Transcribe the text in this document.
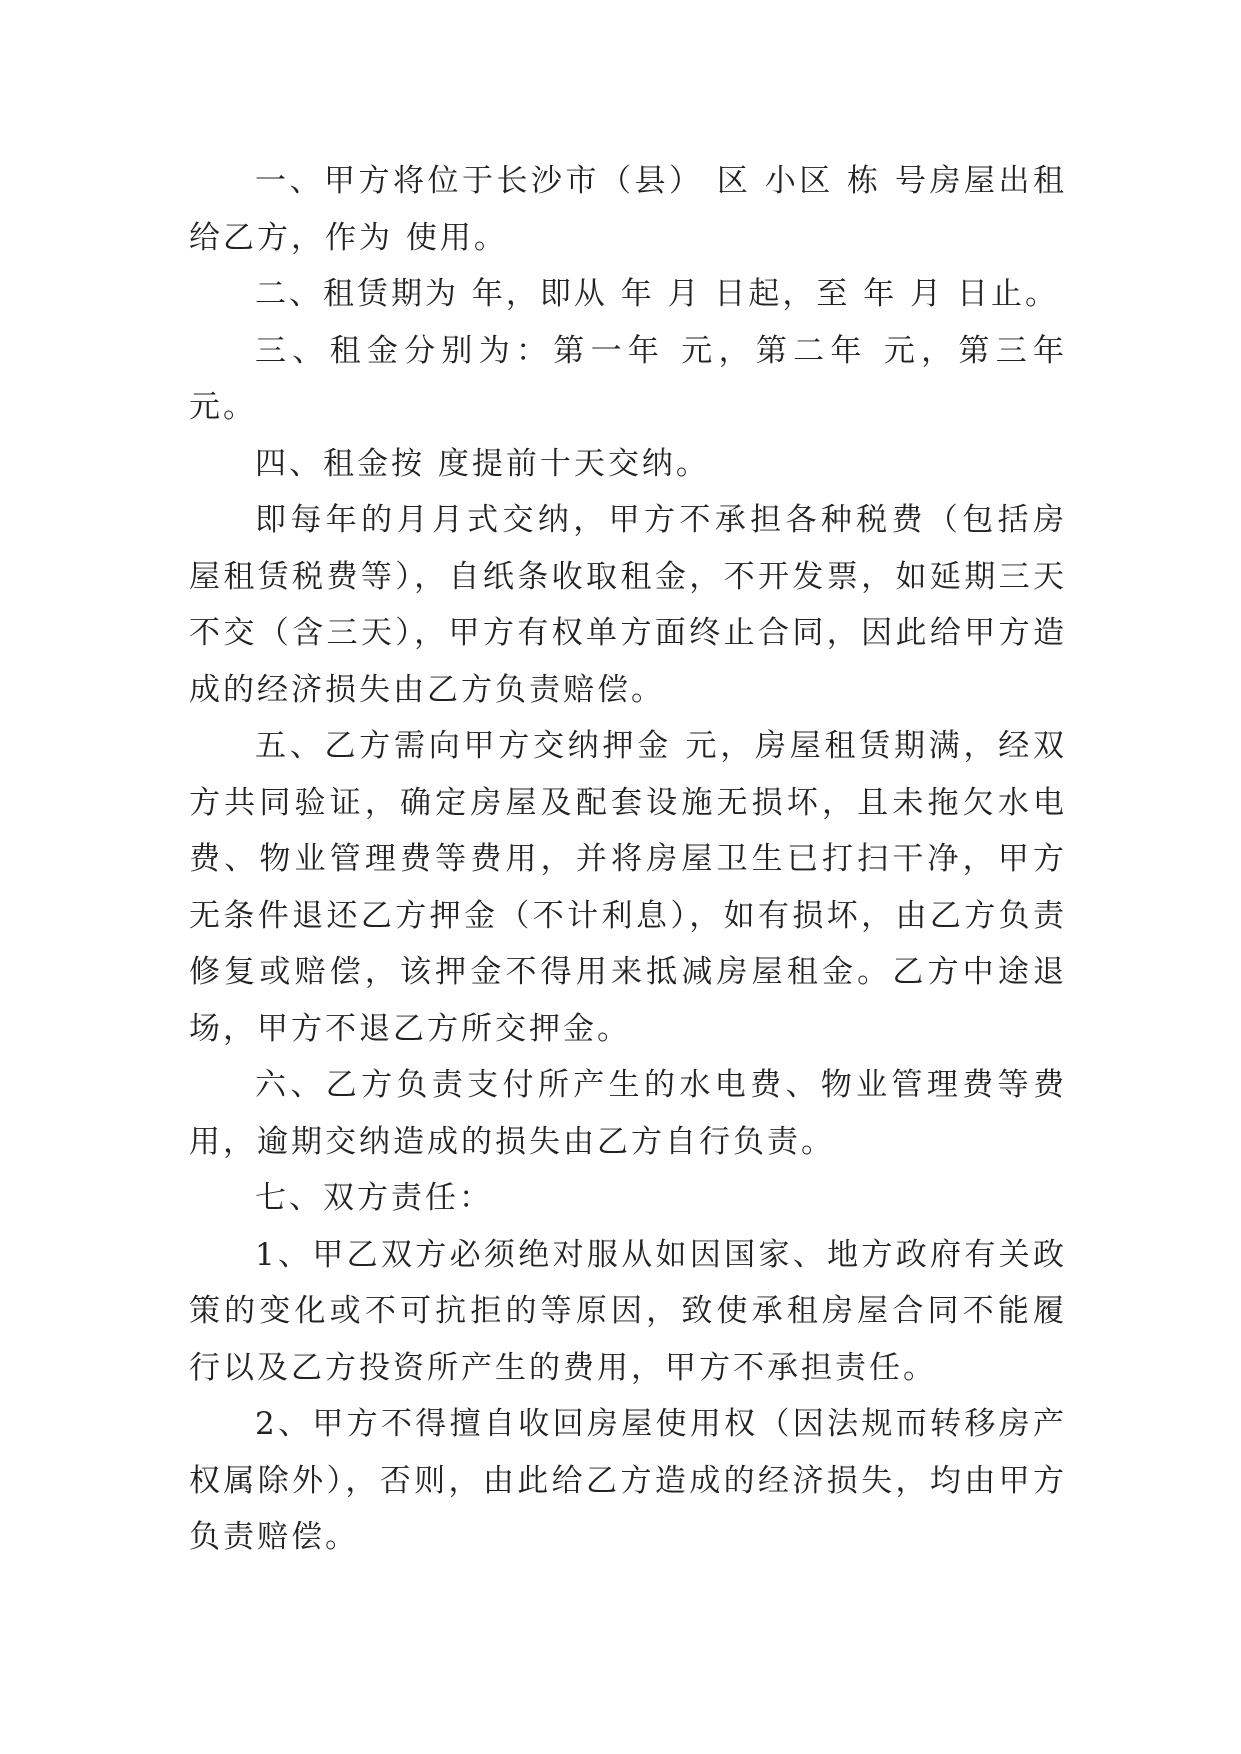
一、甲方将位于长沙市（县） 区 小区 栋 号房屋出租给乙方，作为 使用。

二、租赁期为 年，即从 年 月 日起，至 年 月 日止。

三、租金分别为：第一年 元，第二年 元，第三年 元。

四、租金按 度提前十天交纳。

即每年的月月式交纳，甲方不承担各种税费（包括房屋租赁税费等），自纸条收取租金，不开发票，如延期三天不交（含三天），甲方有权单方面终止合同，因此给甲方造成的经济损失由乙方负责赔偿。

五、乙方需向甲方交纳押金 元，房屋租赁期满，经双方共同验证，确定房屋及配套设施无损坏，且未拖欠水电费、物业管理费等费用，并将房屋卫生已打扫干净，甲方无条件退还乙方押金（不计利息），如有损坏，由乙方负责修复或赔偿，该押金不得用来抵减房屋租金。乙方中途退场，甲方不退乙方所交押金。

六、乙方负责支付所产生的水电费、物业管理费等费用，逾期交纳造成的损失由乙方自行负责。

七、双方责任：

1、甲乙双方必须绝对服从如因国家、地方政府有关政策的变化或不可抗拒的等原因，致使承租房屋合同不能履行以及乙方投资所产生的费用，甲方不承担责任。

2、甲方不得擅自收回房屋使用权（因法规而转移房产权属除外），否则，由此给乙方造成的经济损失，均由甲方负责赔偿。
